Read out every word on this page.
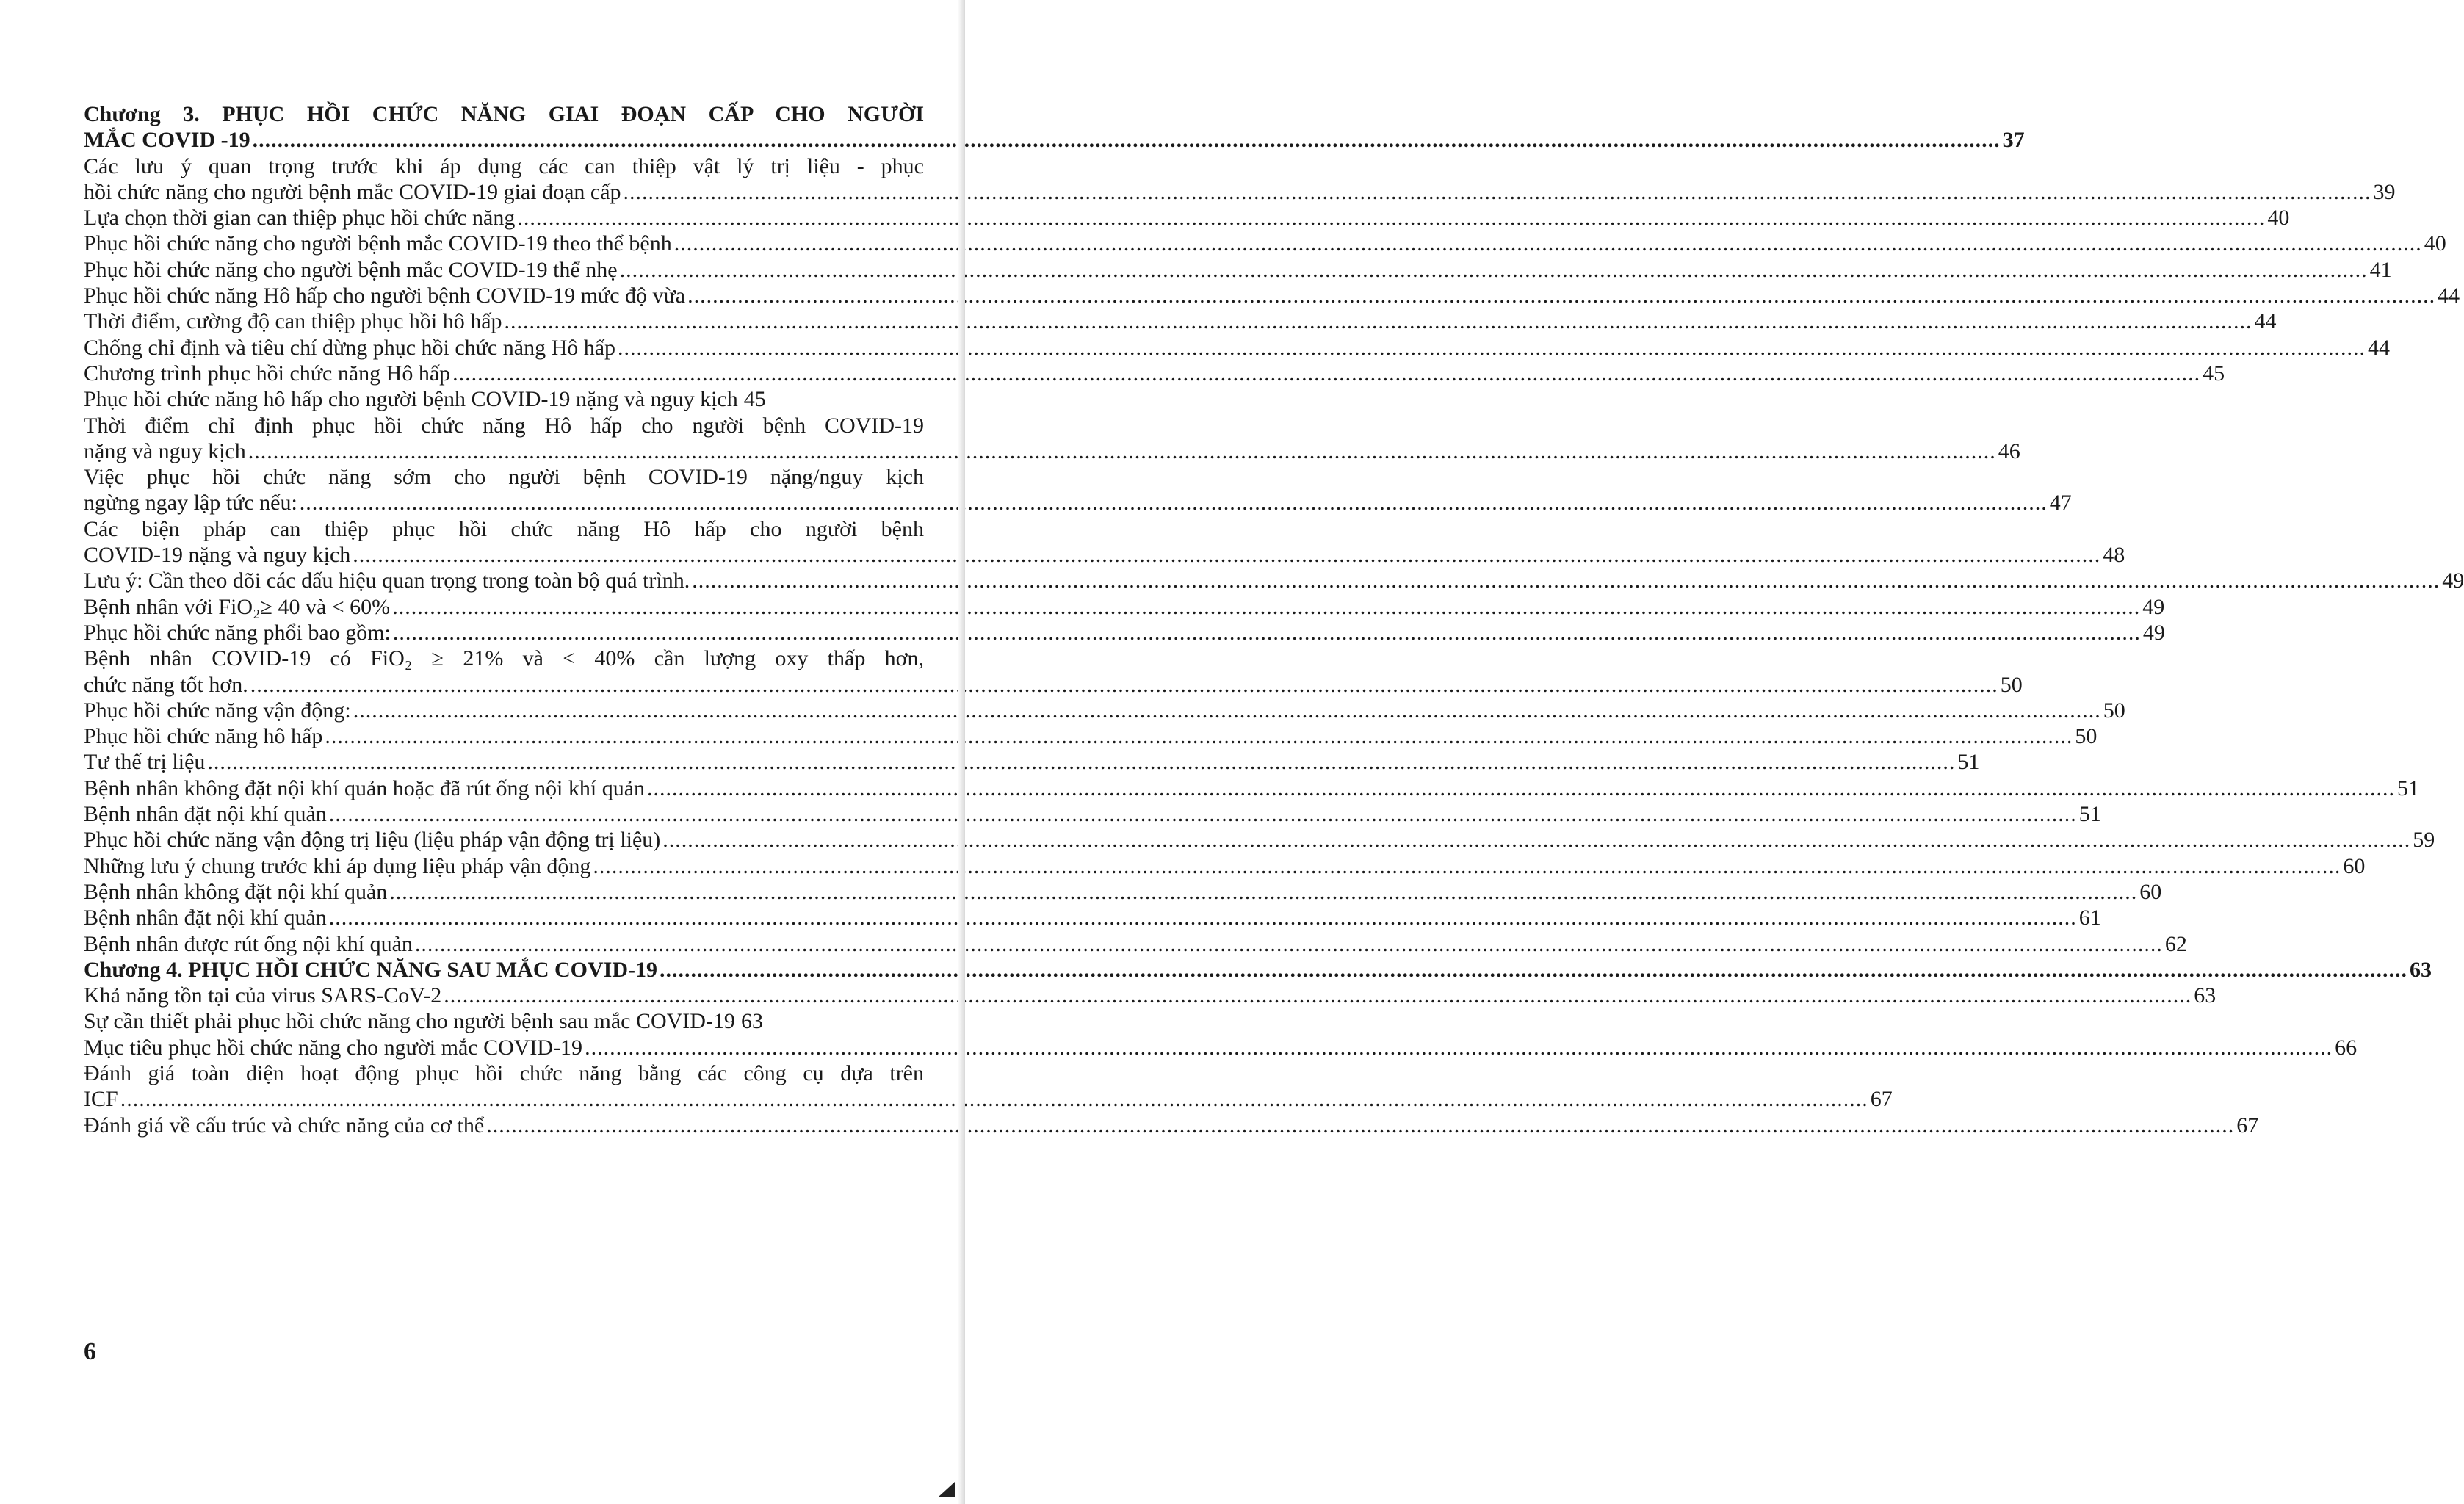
Chương 3. PHỤC HỒI CHỨC NĂNG GIAI ĐOẠN CẤP CHO NGƯỜI
MẮC COVID -19 .....	37
Các lưu ý quan trọng trước khi áp dụng các can thiệp vật lý trị liệu - phục
hồi chức năng cho người bệnh mắc COVID-19 giai đoạn cấp .....	39
Lựa chọn thời gian can thiệp phục hồi chức năng .....	40
Phục hồi chức năng cho người bệnh mắc COVID-19 theo thể bệnh .....	40
Phục hồi chức năng cho người bệnh mắc COVID-19 thể nhẹ .....	41
Phục hồi chức năng Hô hấp cho người bệnh COVID-19 mức độ vừa .....	44
Thời điểm, cường độ can thiệp phục hồi hô hấp .....	44
Chống chỉ định và tiêu chí dừng phục hồi chức năng Hô hấp .....	44
Chương trình phục hồi chức năng Hô hấp .....	45
Phục hồi chức năng hô hấp cho người bệnh COVID-19 nặng và nguy kịch 45
Thời điểm chỉ định phục hồi chức năng Hô hấp cho người bệnh COVID-19
nặng và nguy kịch .....	46
Việc phục hồi chức năng sớm cho người bệnh COVID-19 nặng/nguy kịch
ngừng ngay lập tức nếu: .....	47
Các biện pháp can thiệp phục hồi chức năng Hô hấp cho người bệnh
COVID-19 nặng và nguy kịch .....	48
Lưu ý: Cần theo dõi các dấu hiệu quan trọng trong toàn bộ quá trình. .....	49
Bệnh nhân với FiO₂≥ 40 và < 60% .....	49
Phục hồi chức năng phổi bao gồm: .....	49
Bệnh nhân COVID-19 có FiO₂ ≥ 21% và < 40% cần lượng oxy thấp hơn,
chức năng tốt hơn. .....	50
Phục hồi chức năng vận động: .....	50
Phục hồi chức năng hô hấp .....	50
Tư thế trị liệu .....	51
Bệnh nhân không đặt nội khí quản hoặc đã rút ống nội khí quản .....	51
Bệnh nhân đặt nội khí quản .....	51
Phục hồi chức năng vận động trị liệu (liệu pháp vận động trị liệu) .....	59
Những lưu ý chung trước khi áp dụng liệu pháp vận động .....	60
Bệnh nhân không đặt nội khí quản .....	60
Bệnh nhân đặt nội khí quản .....	61
Bệnh nhân được rút ống nội khí quản .....	62
Chương 4. PHỤC HỒI CHỨC NĂNG SAU MẮC COVID-19 .....	63
Khả năng tồn tại của virus SARS-CoV-2 .....	63
Sự cần thiết phải phục hồi chức năng cho người bệnh sau mắc COVID-19 63
Mục tiêu phục hồi chức năng cho người mắc COVID-19 .....	66
Đánh giá toàn diện hoạt động phục hồi chức năng bằng các công cụ dựa trên
ICF .....	67
Đánh giá về cấu trúc và chức năng của cơ thể .....	67
6
